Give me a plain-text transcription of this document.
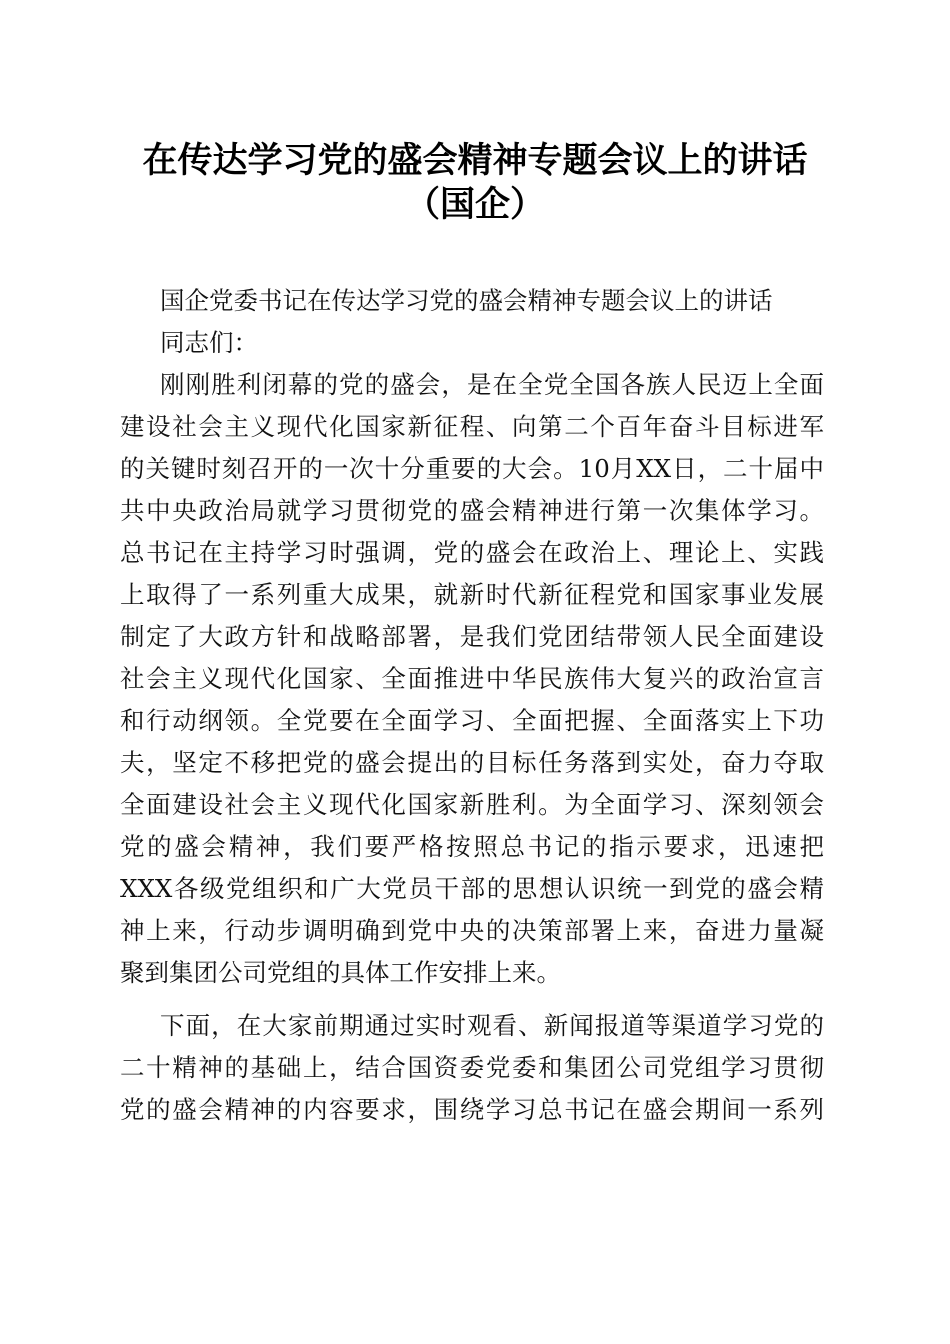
在传达学习党的盛会精神专题会议上的讲话
（国企）
国企党委书记在传达学习党的盛会精神专题会议上的讲话
同志们：
刚刚胜利闭幕的党的盛会，是在全党全国各族人民迈上全面
建设社会主义现代化国家新征程、向第二个百年奋斗目标进军
的关键时刻召开的一次十分重要的大会。10月XX日，二十届中
共中央政治局就学习贯彻党的盛会精神进行第一次集体学习。
总书记在主持学习时强调，党的盛会在政治上、理论上、实践
上取得了一系列重大成果，就新时代新征程党和国家事业发展
制定了大政方针和战略部署，是我们党团结带领人民全面建设
社会主义现代化国家、全面推进中华民族伟大复兴的政治宣言
和行动纲领。全党要在全面学习、全面把握、全面落实上下功
夫，坚定不移把党的盛会提出的目标任务落到实处，奋力夺取
全面建设社会主义现代化国家新胜利。为全面学习、深刻领会
党的盛会精神，我们要严格按照总书记的指示要求，迅速把
XXX各级党组织和广大党员干部的思想认识统一到党的盛会精
神上来，行动步调明确到党中央的决策部署上来，奋进力量凝
聚到集团公司党组的具体工作安排上来。
下面，在大家前期通过实时观看、新闻报道等渠道学习党的
二十精神的基础上，结合国资委党委和集团公司党组学习贯彻
党的盛会精神的内容要求，围绕学习总书记在盛会期间一系列
